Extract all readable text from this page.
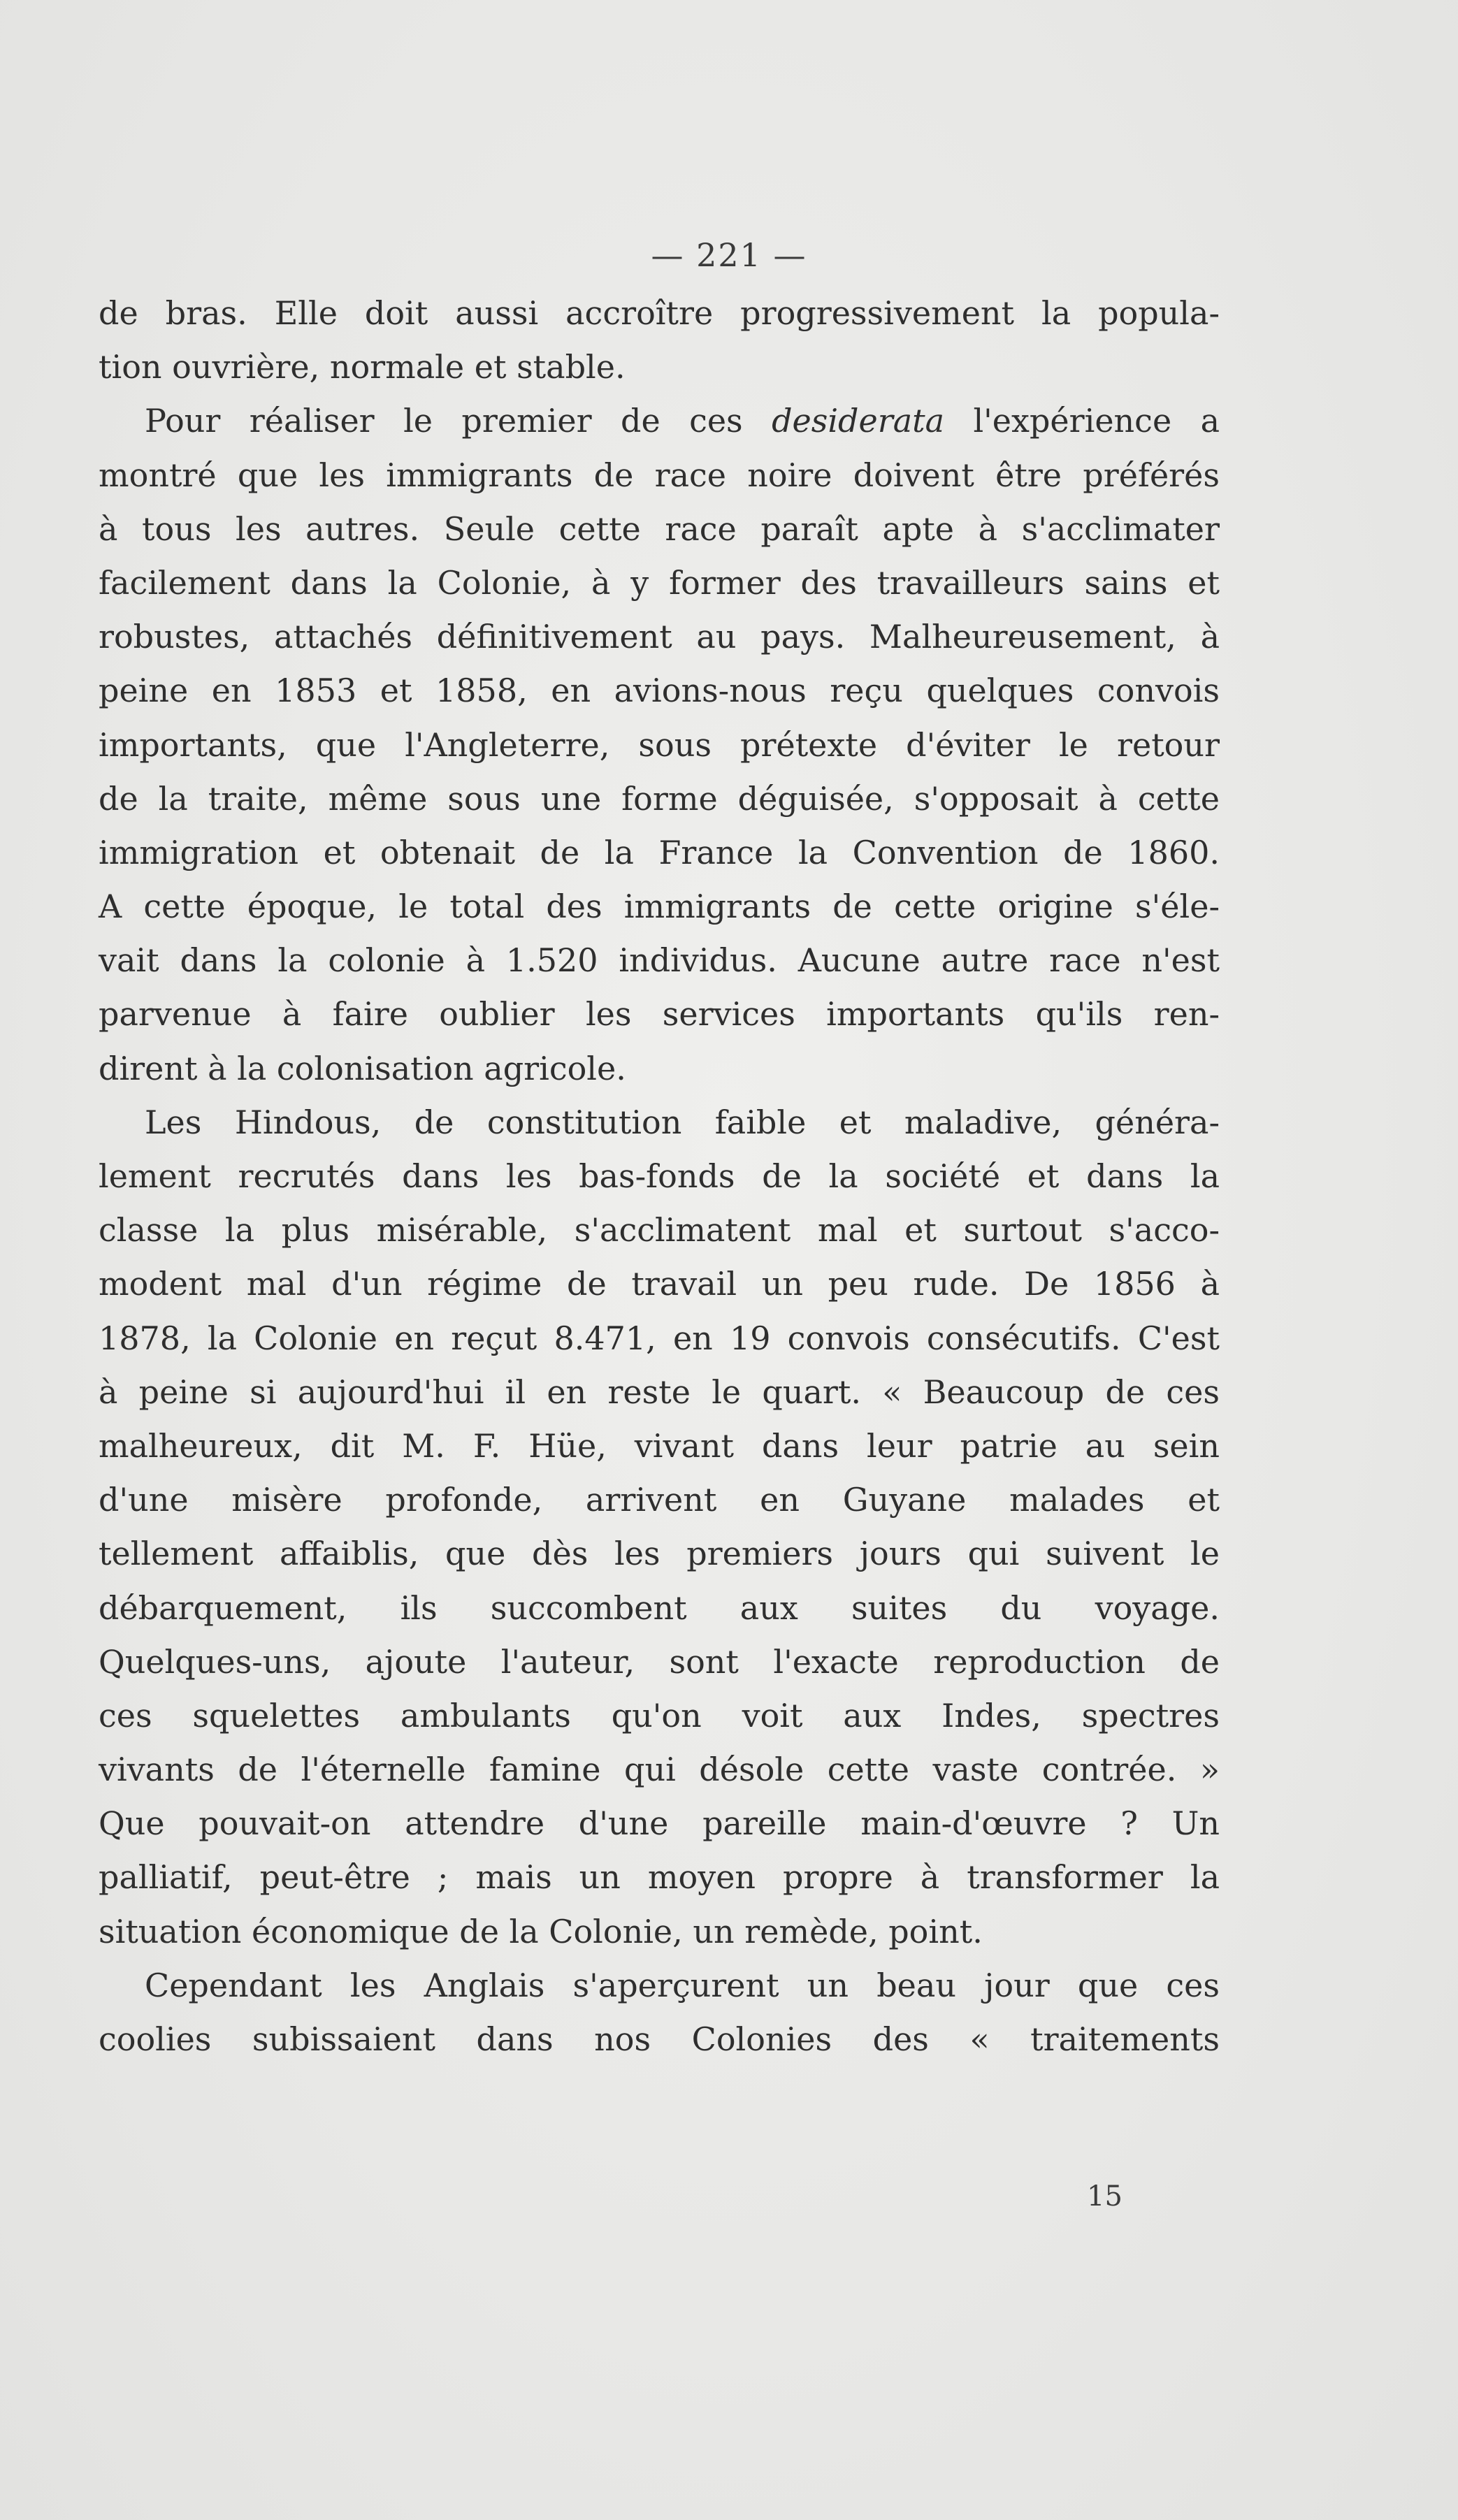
— 221 —
de bras. Elle doit aussi accroître progressivement la popula-
tion ouvrière, normale et stable.
Pour réaliser le premier de ces desiderata l'expérience a
montré que les immigrants de race noire doivent être préférés
à tous les autres. Seule cette race paraît apte à s'acclimater
facilement dans la Colonie, à y former des travailleurs sains et
robustes, attachés définitivement au pays. Malheureusement, à
peine en 1853 et 1858, en avions-nous reçu quelques convois
importants, que l'Angleterre, sous prétexte d'éviter le retour
de la traite, même sous une forme déguisée, s'opposait à cette
immigration et obtenait de la France la Convention de 1860.
A cette époque, le total des immigrants de cette origine s'éle-
vait dans la colonie à 1.520 individus. Aucune autre race n'est
parvenue à faire oublier les services importants qu'ils ren-
dirent à la colonisation agricole.
Les Hindous, de constitution faible et maladive, généra-
lement recrutés dans les bas-fonds de la société et dans la
classe la plus misérable, s'acclimatent mal et surtout s'acco-
modent mal d'un régime de travail un peu rude. De 1856 à
1878, la Colonie en reçut 8.471, en 19 convois consécutifs. C'est
à peine si aujourd'hui il en reste le quart. « Beaucoup de ces
malheureux, dit M. F. Hüe, vivant dans leur patrie au sein
d'une misère profonde, arrivent en Guyane malades et
tellement affaiblis, que dès les premiers jours qui suivent le
débarquement, ils succombent aux suites du voyage.
Quelques-uns, ajoute l'auteur, sont l'exacte reproduction de
ces squelettes ambulants qu'on voit aux Indes, spectres
vivants de l'éternelle famine qui désole cette vaste contrée. »
Que pouvait-on attendre d'une pareille main-d'œuvre ? Un
palliatif, peut-être ; mais un moyen propre à transformer la
situation économique de la Colonie, un remède, point.
Cependant les Anglais s'aperçurent un beau jour que ces
coolies subissaient dans nos Colonies des « traitements
15
